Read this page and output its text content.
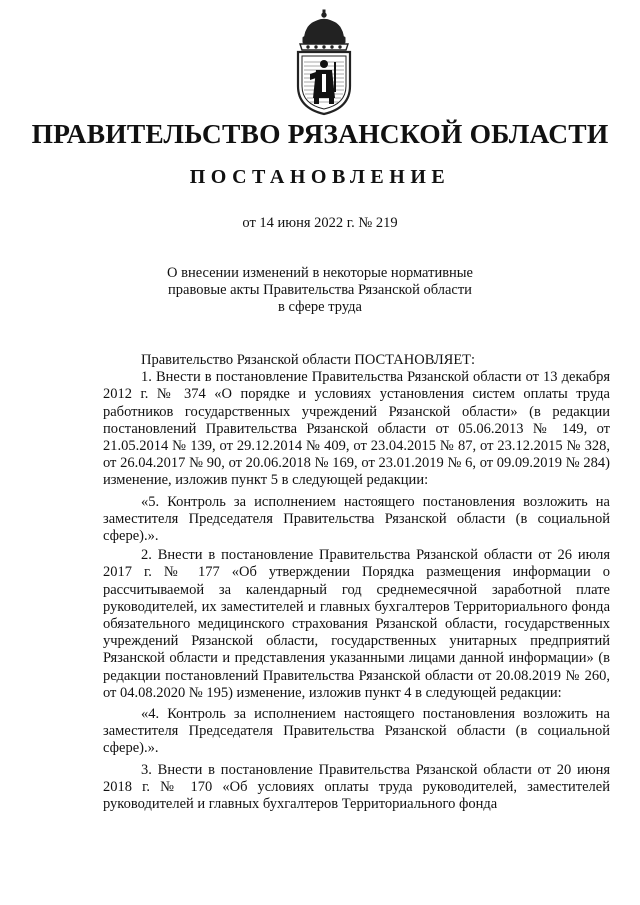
ПРАВИТЕЛЬСТВО РЯЗАНСКОЙ ОБЛАСТИ
ПОСТАНОВЛЕНИЕ
от 14 июня 2022 г. № 219
О внесении изменений в некоторые нормативные
правовые акты Правительства Рязанской области
в сфере труда

Правительство Рязанской области ПОСТАНОВЛЯЕТ:

1. Внести в постановление Правительства Рязанской области от 13 декабря 2012 г. № 374 «О порядке и условиях установления систем оплаты труда работников государственных учреждений Рязанской области» (в редакции постановлений Правительства Рязанской области от 05.06.2013 № 149, от 21.05.2014 № 139, от 29.12.2014 № 409, от 23.04.2015 № 87, от 23.12.2015 № 328, от 26.04.2017 № 90, от 20.06.2018 № 169, от 23.01.2019 № 6, от 09.09.2019 № 284) изменение, изложив пункт 5 в следующей редакции:

«5. Контроль за исполнением настоящего постановления возложить на заместителя Председателя Правительства Рязанской области (в социальной сфере).».

2. Внести в постановление Правительства Рязанской области от 26 июля 2017 г. № 177 «Об утверждении Порядка размещения информации о рассчитываемой за календарный год среднемесячной заработной плате руководителей, их заместителей и главных бухгалтеров Территориального фонда обязательного медицинского страхования Рязанской области, государственных учреждений Рязанской области, государственных унитарных предприятий Рязанской области и представления указанными лицами данной информации» (в редакции постановлений Правительства Рязанской области от 20.08.2019 № 260, от 04.08.2020 № 195) изменение, изложив пункт 4 в следующей редакции:

«4. Контроль за исполнением настоящего постановления возложить на заместителя Председателя Правительства Рязанской области (в социальной сфере).».

3. Внести в постановление Правительства Рязанской области от 20 июня 2018 г. № 170 «Об условиях оплаты труда руководителей, заместителей руководителей и главных бухгалтеров Территориального фонда
